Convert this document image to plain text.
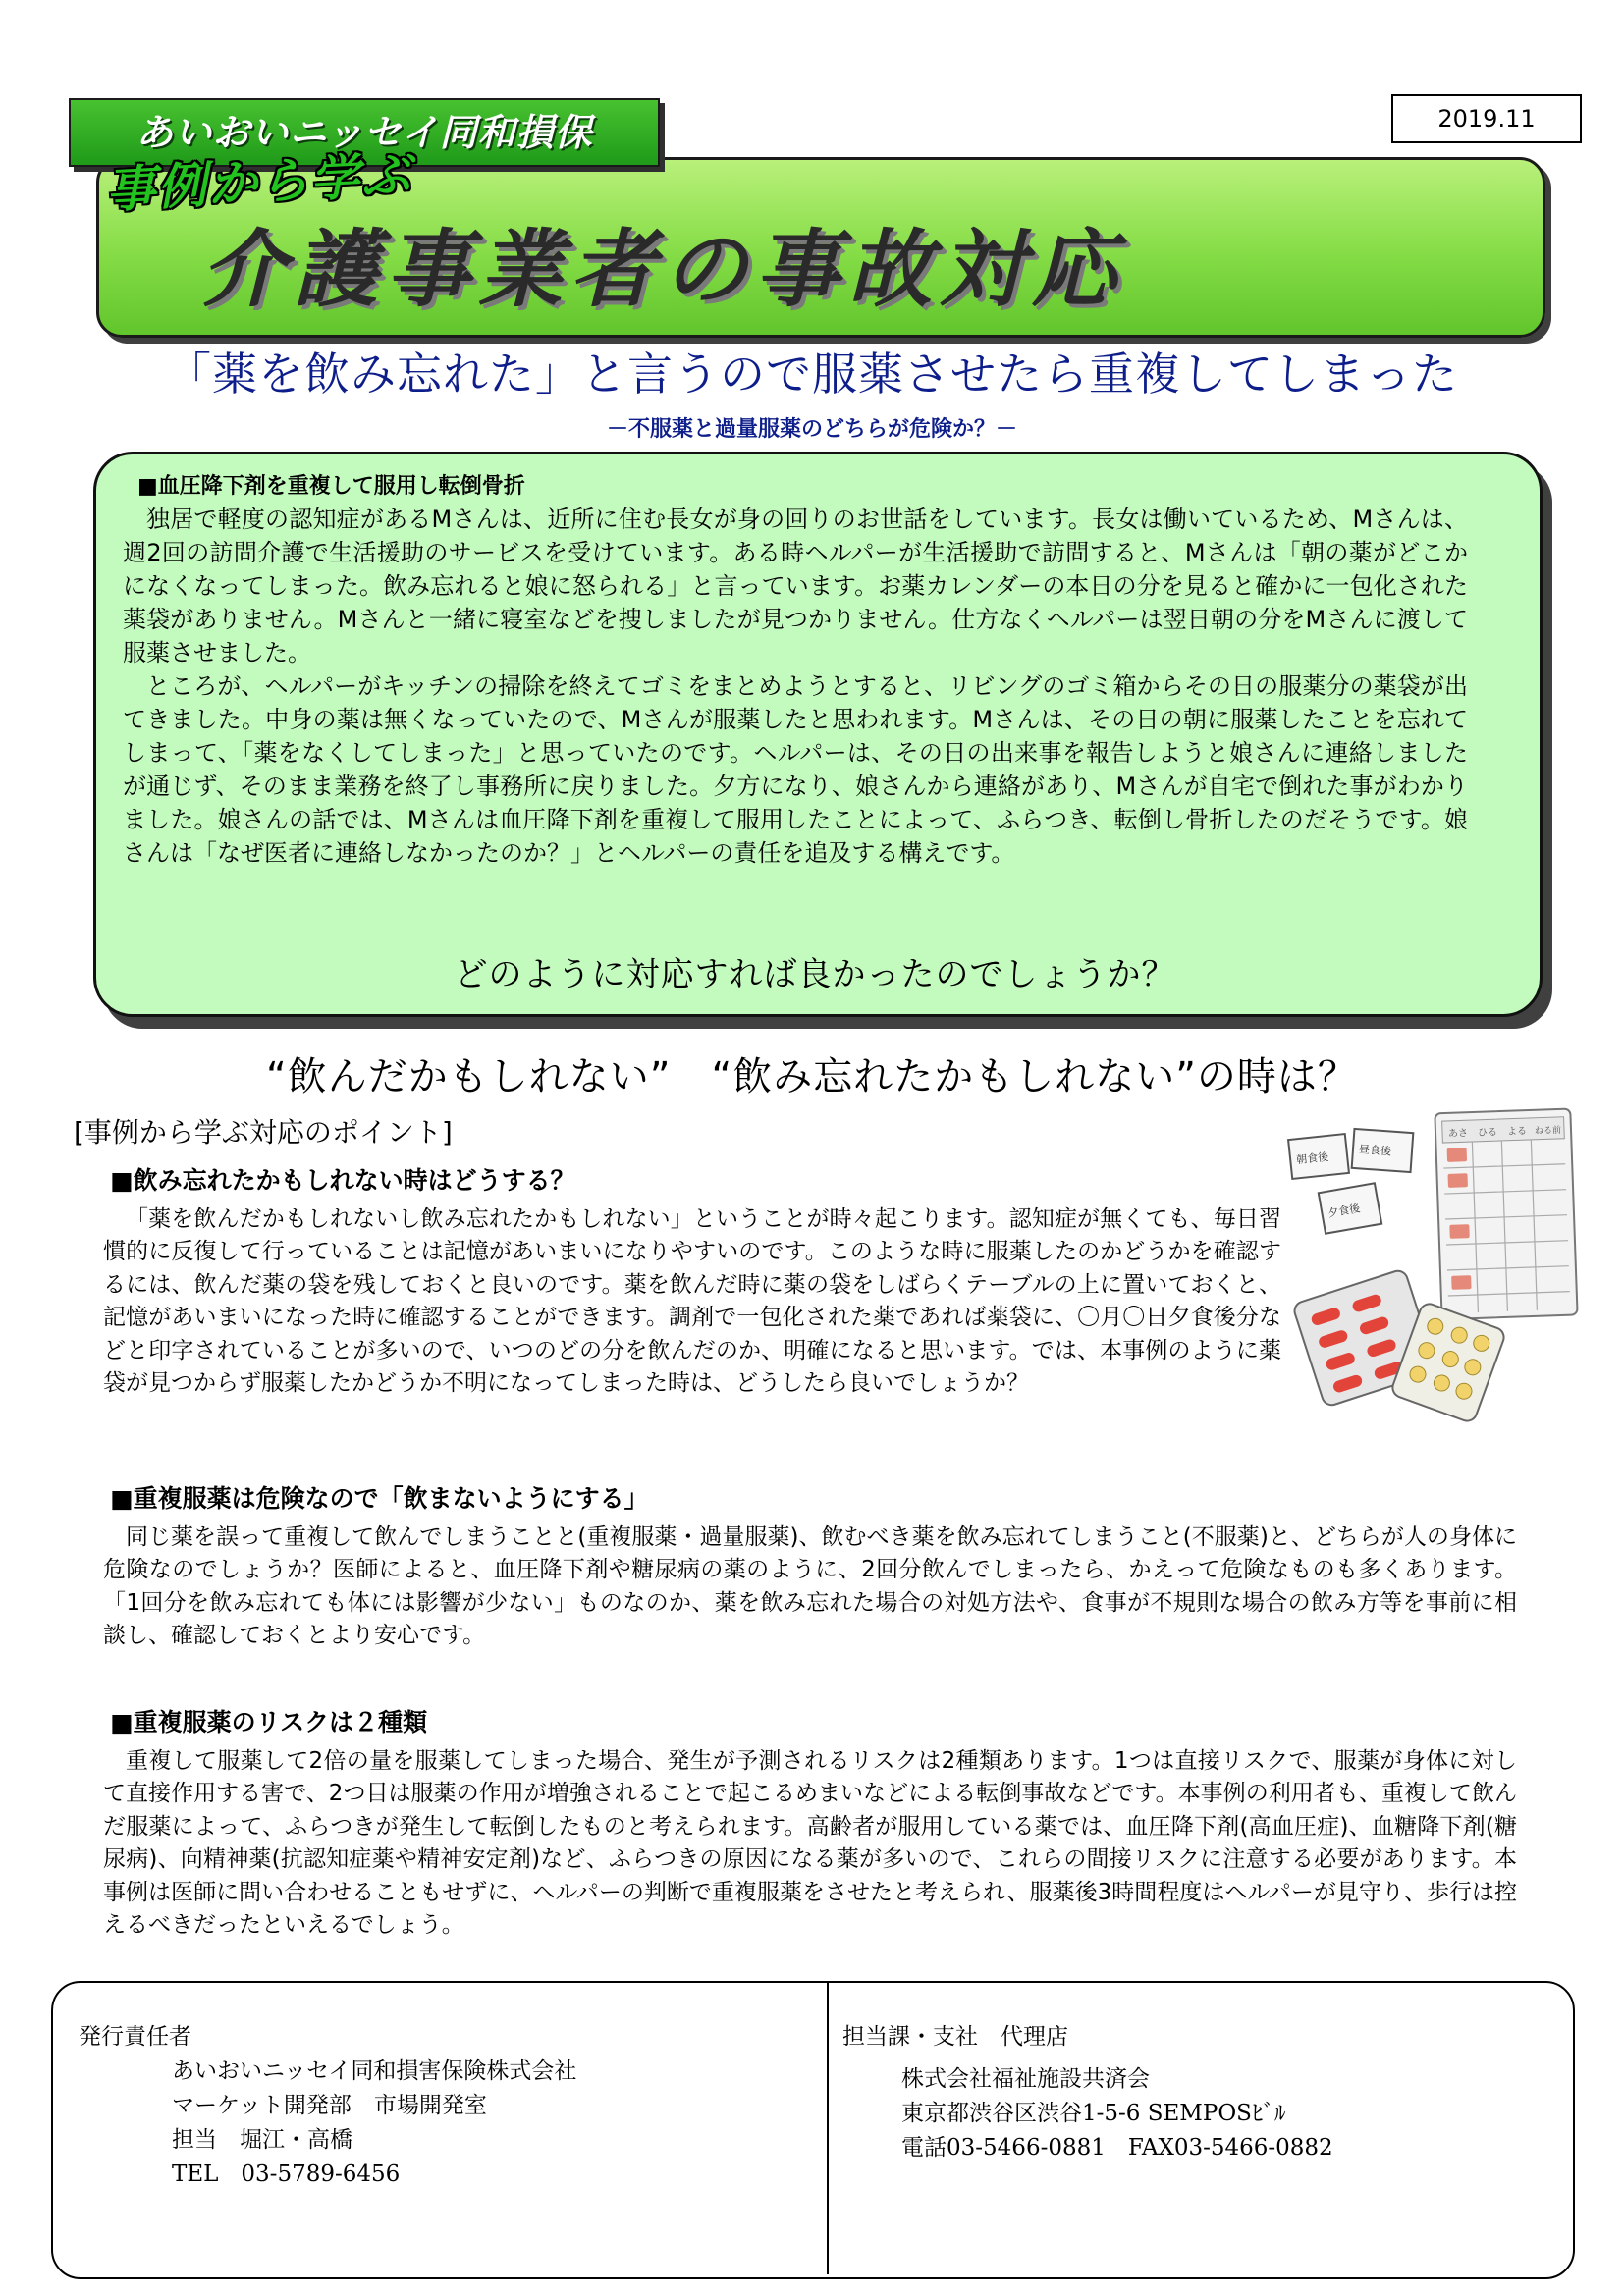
2019.11
あいおいニッセイ同和損保
事例から学ぶ
介護事業者の事故対応
「薬を飲み忘れた」と言うので服薬させたら重複してしまった
－不服薬と過量服薬のどちらが危険か？－
■血圧降下剤を重複して服用し転倒骨折

独居で軽度の認知症があるMさんは、近所に住む長女が身の回りのお世話をしています。長女は働いているため、Mさんは、週2回の訪問介護で生活援助のサービスを受けています。ある時ヘルパーが生活援助で訪問すると、Mさんは「朝の薬がどこかになくなってしまった。飲み忘れると娘に怒られる」と言っています。お薬カレンダーの本日の分を見ると確かに一包化された薬袋がありません。Mさんと一緒に寝室などを捜しましたが見つかりません。仕方なくヘルパーは翌日朝の分をMさんに渡して服薬させました。

ところが、ヘルパーがキッチンの掃除を終えてゴミをまとめようとすると、リビングのゴミ箱からその日の服薬分の薬袋が出てきました。中身の薬は無くなっていたので、Mさんが服薬したと思われます。Mさんは、その日の朝に服薬したことを忘れてしまって、「薬をなくしてしまった」と思っていたのです。ヘルパーは、その日の出来事を報告しようと娘さんに連絡しましたが通じず、そのまま業務を終了し事務所に戻りました。夕方になり、娘さんから連絡があり、Mさんが自宅で倒れた事がわかりました。娘さんの話では、Mさんは血圧降下剤を重複して服用したことによって、ふらつき、転倒し骨折したのだそうです。娘さんは「なぜ医者に連絡しなかったのか？」とヘルパーの責任を追及する構えです。

どのように対応すれば良かったのでしょうか？
“飲んだかもしれない”　“飲み忘れたかもしれない”の時は？
[事例から学ぶ対応のポイント]
■飲み忘れたかもしれない時はどうする？

「薬を飲んだかもしれないし飲み忘れたかもしれない」ということが時々起こります。認知症が無くても、毎日習慣的に反復して行っていることは記憶があいまいになりやすいのです。このような時に服薬したのかどうかを確認するには、飲んだ薬の袋を残しておくと良いのです。薬を飲んだ時に薬の袋をしばらくテーブルの上に置いておくと、記憶があいまいになった時に確認することができます。調剤で一包化された薬であれば薬袋に、〇月〇日夕食後分などと印字されていることが多いので、いつのどの分を飲んだのか、明確になると思います。では、本事例のように薬袋が見つからず服薬したかどうか不明になってしまった時は、どうしたら良いでしょうか？

あさ ひる よる ねる前
朝食後
昼食後
夕食後
■重複服薬は危険なので「飲まないようにする」

同じ薬を誤って重複して飲んでしまうことと(重複服薬・過量服薬)、飲むべき薬を飲み忘れてしまうこと(不服薬)と、どちらが人の身体に危険なのでしょうか？医師によると、血圧降下剤や糖尿病の薬のように、2回分飲んでしまったら、かえって危険なものも多くあります。「1回分を飲み忘れても体には影響が少ない」ものなのか、薬を飲み忘れた場合の対処方法や、食事が不規則な場合の飲み方等を事前に相談し、確認しておくとより安心です。

■重複服薬のリスクは２種類

重複して服薬して2倍の量を服薬してしまった場合、発生が予測されるリスクは2種類あります。1つは直接リスクで、服薬が身体に対して直接作用する害で、2つ目は服薬の作用が増強されることで起こるめまいなどによる転倒事故などです。本事例の利用者も、重複して飲んだ服薬によって、ふらつきが発生して転倒したものと考えられます。高齢者が服用している薬では、血圧降下剤(高血圧症)、血糖降下剤(糖尿病)、向精神薬(抗認知症薬や精神安定剤)など、ふらつきの原因になる薬が多いので、これらの間接リスクに注意する必要があります。本事例は医師に問い合わせることもせずに、ヘルパーの判断で重複服薬をさせたと考えられ、服薬後3時間程度はヘルパーが見守り、歩行は控えるべきだったといえるでしょう。

発行責任者
あいおいニッセイ同和損害保険株式会社
マーケット開発部　市場開発室
担当　堀江・高橋
TEL　03-5789-6456
担当課・支社　代理店
株式会社福祉施設共済会
東京都渋谷区渋谷1-5-6 SEMPOSﾋﾞﾙ
電話03-5466-0881　FAX03-5466-0882
